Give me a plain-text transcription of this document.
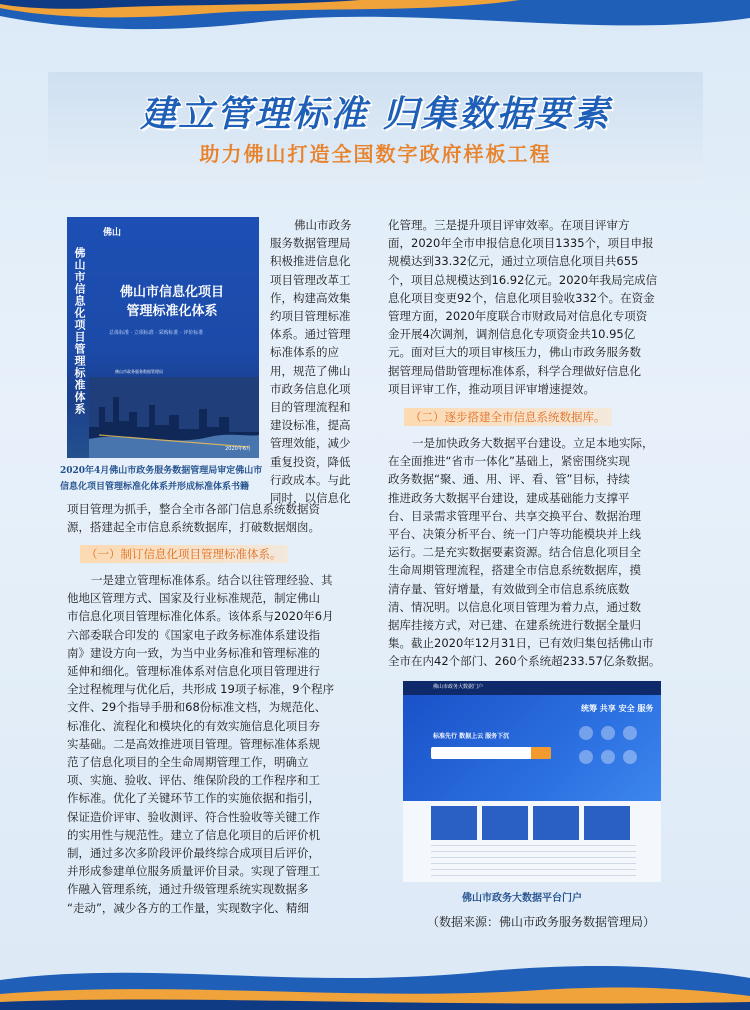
建立管理标准 归集数据要素
助力佛山打造全国数字政府样板工程
佛山
佛山市信息化项目管理标准体系	佛山市信息化项目
管理标准化体系
总体标准 · 立项标准 · 采购标准 · 评价标准
佛山市政务服务数据管理局
2020年6月
2020年4月佛山市政务服务数据管理局审定佛山市
信息化项目管理标准化体系并形成标准体系书籍
佛山市政务
服务数据管理局
积极推进信息化
项目管理改革工
作，构建高效集
约项目管理标准
体系。通过管理
标准体系的应
用，规范了佛山
市政务信息化项
目的管理流程和
建设标准，提高
管理效能，减少
重复投资，降低
行政成本。与此
同时，以信息化
项目管理为抓手，整合全市各部门信息系统数据资
源，搭建起全市信息系统数据库，打破数据烟囱。
（一）制订信息化项目管理标准体系。
一是建立管理标准体系。结合以往管理经验、其
他地区管理方式、国家及行业标准规范，制定佛山
市信息化项目管理标准化体系。该体系与2020年6月
六部委联合印发的《国家电子政务标准体系建设指
南》建设方向一致，为当中业务标准和管理标准的
延伸和细化。管理标准体系对信息化项目管理进行
全过程梳理与优化后，共形成 19项子标准，9个程序
文件、29个指导手册和68份标准文档，为规范化、
标准化、流程化和模块化的有效实施信息化项目夯
实基础。二是高效推进项目管理。管理标准体系规
范了信息化项目的全生命周期管理工作，明确立
项、实施、验收、评估、维保阶段的工作程序和工
作标准。优化了关键环节工作的实施依据和指引，
保证造价评审、验收测评、符合性验收等关键工作
的实用性与规范性。建立了信息化项目的后评价机
制，通过多次多阶段评价最终综合成项目后评价，
并形成参建单位服务质量评价目录。实现了管理工
作融入管理系统，通过升级管理系统实现数据多
“走动”，减少各方的工作量，实现数字化、精细
化管理。三是提升项目评审效率。在项目评审方
面，2020年全市申报信息化项目1335个，项目申报
规模达到33.32亿元，通过立项信息化项目共655
个，项目总规模达到16.92亿元。2020年我局完成信
息化项目变更92个，信息化项目验收332个。在资金
管理方面，2020年度联合市财政局对信息化专项资
金开展4次调剂，调剂信息化专项资金共10.95亿
元。面对巨大的项目审核压力，佛山市政务服务数
据管理局借助管理标准体系，科学合理做好信息化
项目评审工作，推动项目评审增速提效。
（二）逐步搭建全市信息系统数据库。
一是加快政务大数据平台建设。立足本地实际，
在全面推进“省市一体化”基础上，紧密围绕实现
政务数据“聚、通、用、评、看、管”目标，持续
推进政务大数据平台建设，建成基础能力支撑平
台、目录需求管理平台、共享交换平台、数据治理
平台、决策分析平台、统一门户等功能模块并上线
运行。二是充实数据要素资源。结合信息化项目全
生命周期管理流程，搭建全市信息系统数据库，摸
清存量、管好增量，有效做到全市信息系统底数
清、情况明。以信息化项目管理为着力点，通过数
据库挂接方式，对已建、在建系统进行数据全量归
集。截止2020年12月31日，已有效归集包括佛山市
全市在内42个部门、260个系统超233.57亿条数据。
佛山市政务大数据门户
统筹 共享 安全 服务
标准先行 数据上云 服务下沉

佛山市政务大数据平台门户
（数据来源：佛山市政务服务数据管理局）
